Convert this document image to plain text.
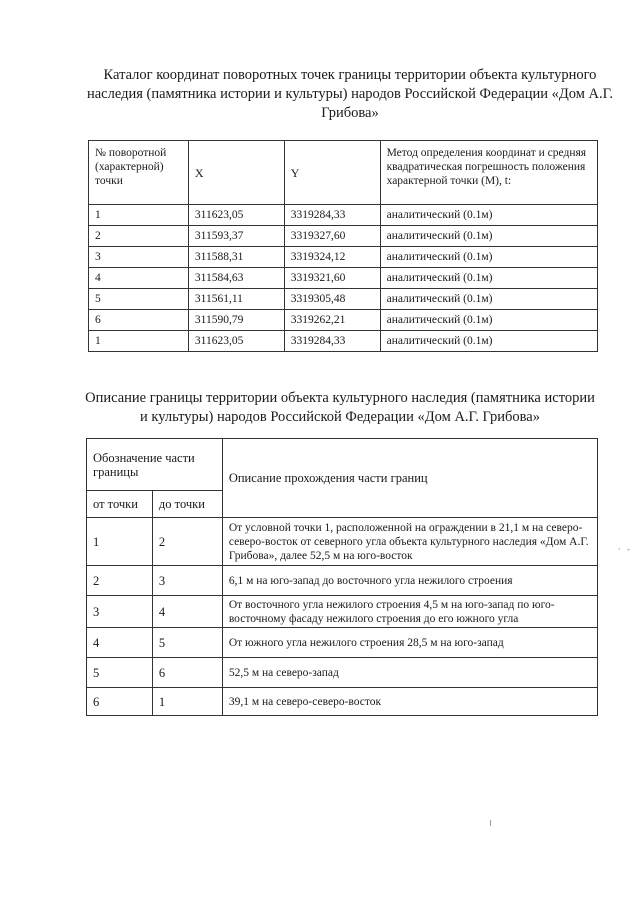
Каталог координат поворотных точек границы территории объекта культурного наследия (памятника истории и культуры) народов Российской Федерации «Дом А.Г. Грибова»
№ поворотной (характерной) точки	X	Y	Метод определения координат и средняя квадратическая погрешность положения характерной точки (М), t:
1	311623,05	3319284,33	аналитический (0.1м)
2	311593,37	3319327,60	аналитический (0.1м)
3	311588,31	3319324,12	аналитический (0.1м)
4	311584,63	3319321,60	аналитический (0.1м)
5	311561,11	3319305,48	аналитический (0.1м)
6	311590,79	3319262,21	аналитический (0.1м)
1	311623,05	3319284,33	аналитический (0.1м)
Описание границы территории объекта культурного наследия (памятника истории и культуры) народов Российской Федерации «Дом А.Г. Грибова»
Обозначение части границы		Описание прохождения части границ
от точки	до точки	
1	2	От условной точки 1, расположенной на ограждении в 21,1 м на северо-северо-восток от северного угла объекта культурного наследия «Дом А.Г. Грибова», далее 52,5 м на юго-восток
2	3	6,1 м на юго-запад до восточного угла нежилого строения
3	4	От восточного угла нежилого строения 4,5 м на юго-запад по юго-восточному фасаду нежилого строения до его южного угла
4	5	От южного угла нежилого строения 28,5 м на юго-запад
5	6	52,5 м на северо-запад
6	1	39,1 м на северо-северо-восток
· -
